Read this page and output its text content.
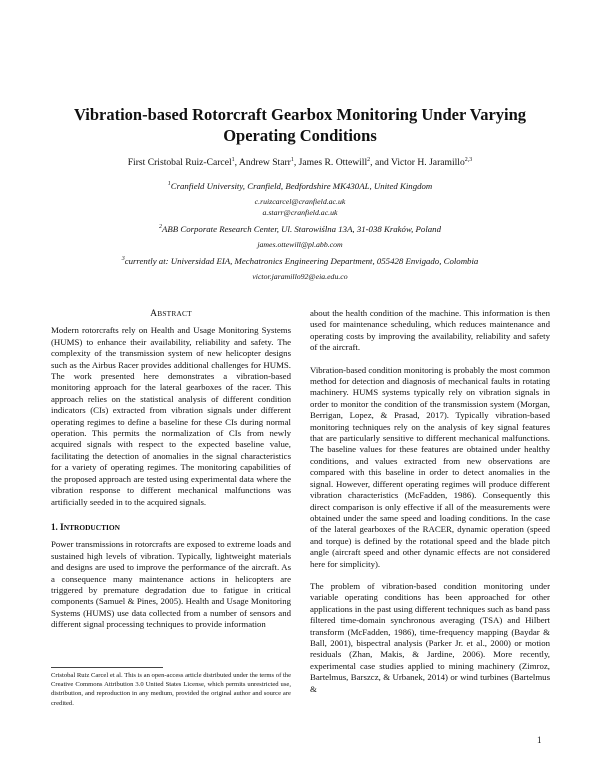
Vibration-based Rotorcraft Gearbox Monitoring Under Varying Operating Conditions

First Cristobal Ruiz-Carcel$^1$, Andrew Starr$^1$, James R. Ottewill$^2$, and Victor H. Jaramillo$^{2,3}$

$^1$Cranfield University, Cranfield, Bedfordshire MK430AL, United Kingdom

c.ruizcarcel@cranfield.ac.uk

a.starr@cranfield.ac.uk

$^2$ABB Corporate Research Center, Ul. Starowiślna 13A, 31-038 Kraków, Poland

james.ottewill@pl.abb.com

$^3$currently at: Universidad EIA, Mechatronics Engineering Department, 055428 Envigado, Colombia

victor.jaramillo92@eia.edu.co

ABSTRACT

Modern rotorcrafts rely on Health and Usage Monitoring Systems (HUMS) to enhance their availability, reliability and safety. The complexity of the transmission system of new helicopter designs such as the Airbus Racer provides additional challenges for HUMS. The work presented here demonstrates a vibration-based monitoring approach for the lateral gearboxes of the racer. This approach relies on the statistical analysis of different condition indicators (CIs) extracted from vibration signals under different operating regimes to define a baseline for these CIs during normal operation. This permits the normalization of CIs from newly acquired signals with respect to the expected baseline value, facilitating the detection of anomalies in the signal characteristics for a variety of operating regimes. The monitoring capabilities of the proposed approach are tested using experimental data where the vibration response to different mechanical malfunctions was artificially seeded in to the acquired signals.

1. INTRODUCTION

Power transmissions in rotorcrafts are exposed to extreme loads and sustained high levels of vibration. Typically, lightweight materials and designs are used to improve the performance of the aircraft. As a consequence many maintenance actions in helicopters are triggered by premature degradation due to fatigue in critical components (Samuel & Pines, 2005). Health and Usage Monitoring Systems (HUMS) use data collected from a number of sensors and different signal processing techniques to provide information

about the health condition of the machine. This information is then used for maintenance scheduling, which reduces maintenance and operating costs by improving the availability, reliability and safety of the aircraft.

Vibration-based condition monitoring is probably the most common method for detection and diagnosis of mechanical faults in rotating machinery. HUMS systems typically rely on vibration signals in order to monitor the condition of the transmission system (Morgan, Berrigan, Lopez, & Prasad, 2017). Typically vibration-based monitoring techniques rely on the analysis of key signal features that are particularly sensitive to different mechanical malfunctions. The baseline values for these features are obtained under healthy conditions, and values extracted from new observations are compared with this baseline in order to detect anomalies in the signal. However, different operating regimes will produce different vibration characteristics (McFadden, 1986). Consequently this direct comparison is only effective if all of the measurements were obtained under the same speed and loading conditions. In the case of the lateral gearboxes of the RACER, dynamic operation (speed and torque) is defined by the rotational speed and the blade pitch angle (aircraft speed and other dynamic effects are not considered here for simplicity).

The problem of vibration-based condition monitoring under variable operating conditions has been approached for other applications in the past using different techniques such as band pass filtered time-domain synchronous averaging (TSA) and Hilbert transform (McFadden, 1986), time-frequency mapping (Baydar & Ball, 2001), bispectral analysis (Parker Jr. et al., 2000) or motion residuals (Zhan, Makis, & Jardine, 2006). More recently, experimental case studies applied to mining machinery (Zimroz, Bartelmus, Barszcz, & Urbanek, 2014) or wind turbines (Bartelmus &

Cristobal Ruiz Carcel et al. This is an open-access article distributed under the terms of the Creative Commons Attribution 3.0 United States License, which permits unrestricted use, distribution, and reproduction in any medium, provided the original author and source are credited.

1
